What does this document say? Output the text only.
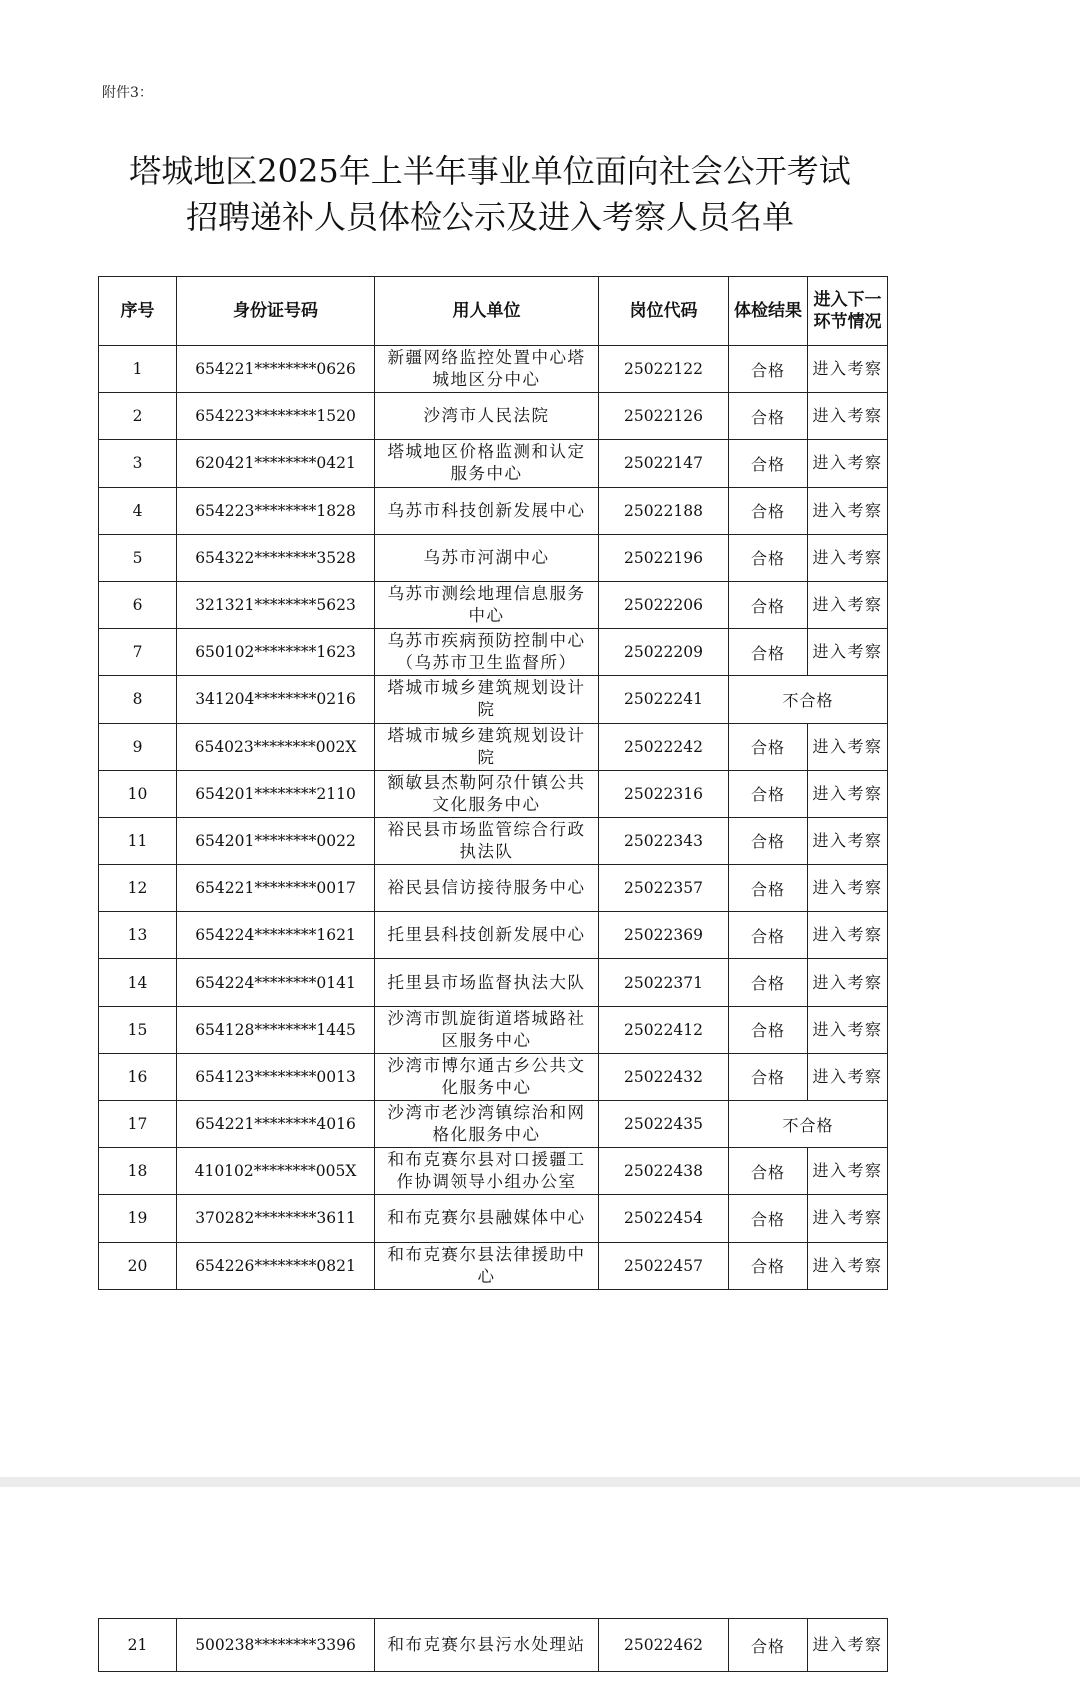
附件3：
塔城地区2025年上半年事业单位面向社会公开考试
招聘递补人员体检公示及进入考察人员名单
序号	身份证号码	用人单位	岗位代码	体检结果	进入下一环节情况
1	654221********0626	新疆网络监控处置中心塔城地区分中心	25022122	合格	进入考察
2	654223********1520	沙湾市人民法院	25022126	合格	进入考察
3	620421********0421	塔城地区价格监测和认定服务中心	25022147	合格	进入考察
4	654223********1828	乌苏市科技创新发展中心	25022188	合格	进入考察
5	654322********3528	乌苏市河湖中心	25022196	合格	进入考察
6	321321********5623	乌苏市测绘地理信息服务中心	25022206	合格	进入考察
7	650102********1623	乌苏市疾病预防控制中心（乌苏市卫生监督所）	25022209	合格	进入考察
8	341204********0216	塔城市城乡建筑规划设计院	25022241	不合格	
9	654023********002X	塔城市城乡建筑规划设计院	25022242	合格	进入考察
10	654201********2110	额敏县杰勒阿尕什镇公共文化服务中心	25022316	合格	进入考察
11	654201********0022	裕民县市场监管综合行政执法队	25022343	合格	进入考察
12	654221********0017	裕民县信访接待服务中心	25022357	合格	进入考察
13	654224********1621	托里县科技创新发展中心	25022369	合格	进入考察
14	654224********0141	托里县市场监督执法大队	25022371	合格	进入考察
15	654128********1445	沙湾市凯旋街道塔城路社区服务中心	25022412	合格	进入考察
16	654123********0013	沙湾市博尔通古乡公共文化服务中心	25022432	合格	进入考察
17	654221********4016	沙湾市老沙湾镇综治和网格化服务中心	25022435	不合格	
18	410102********005X	和布克赛尔县对口援疆工作协调领导小组办公室	25022438	合格	进入考察
19	370282********3611	和布克赛尔县融媒体中心	25022454	合格	进入考察
20	654226********0821	和布克赛尔县法律援助中心	25022457	合格	进入考察
21	500238********3396	和布克赛尔县污水处理站	25022462	合格	进入考察
